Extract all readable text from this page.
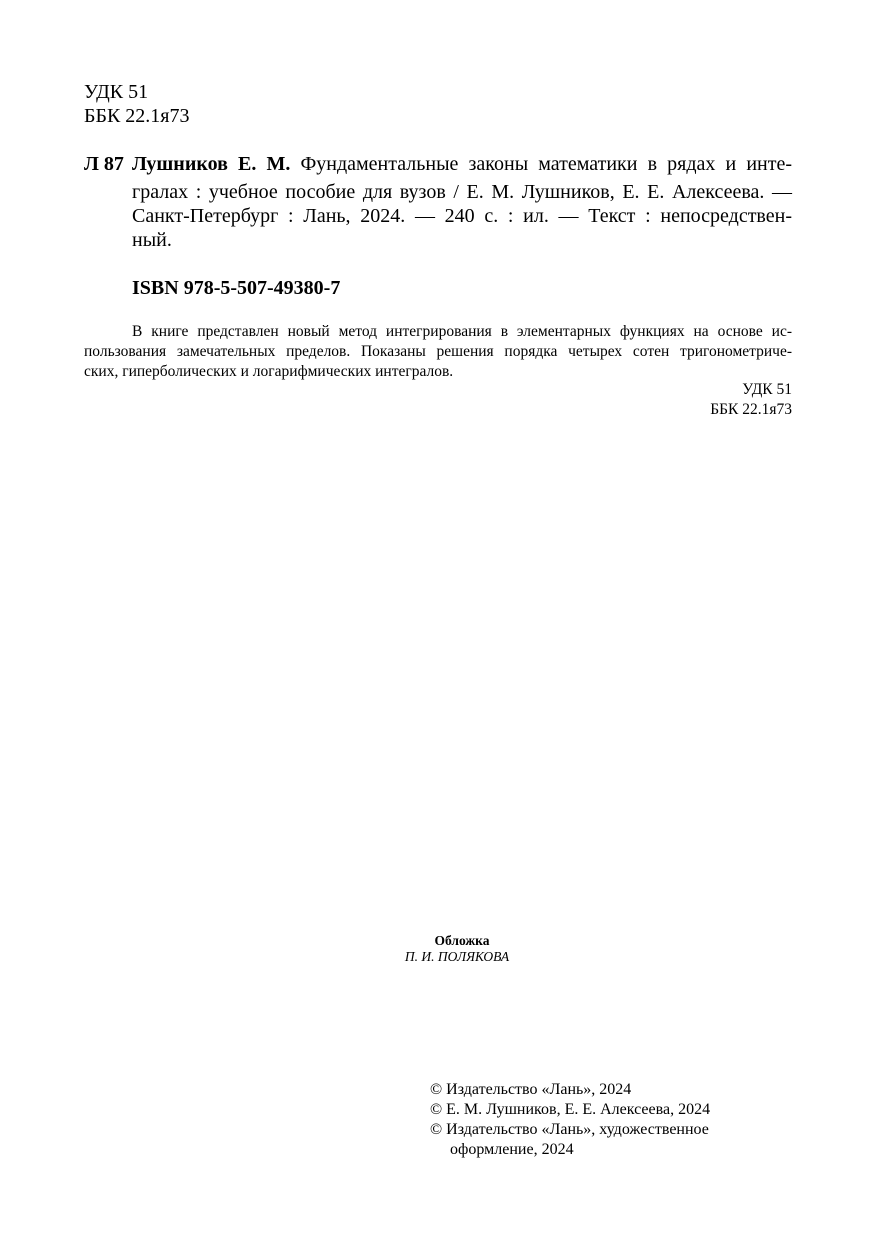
УДК 51
ББК 22.1я73
Л 87 Лушников Е. М. Фундаментальные законы математики в рядах и инте-
гралах : учебное пособие для вузов / Е. М. Лушников, Е. Е. Алексеева. —
Санкт-Петербург : Лань, 2024. — 240 с. : ил. — Текст : непосредствен-
ный.
ISBN 978-5-507-49380-7
В книге представлен новый метод интегрирования в элементарных функциях на основе ис-
пользования замечательных пределов. Показаны решения порядка четырех сотен тригонометриче-
ских, гиперболических и логарифмических интегралов.
УДК 51
ББК 22.1я73
Обложка
П. И. ПОЛЯКОВА
© Издательство «Лань», 2024
© Е. М. Лушников, Е. Е. Алексеева, 2024
© Издательство «Лань», художественное
оформление, 2024
